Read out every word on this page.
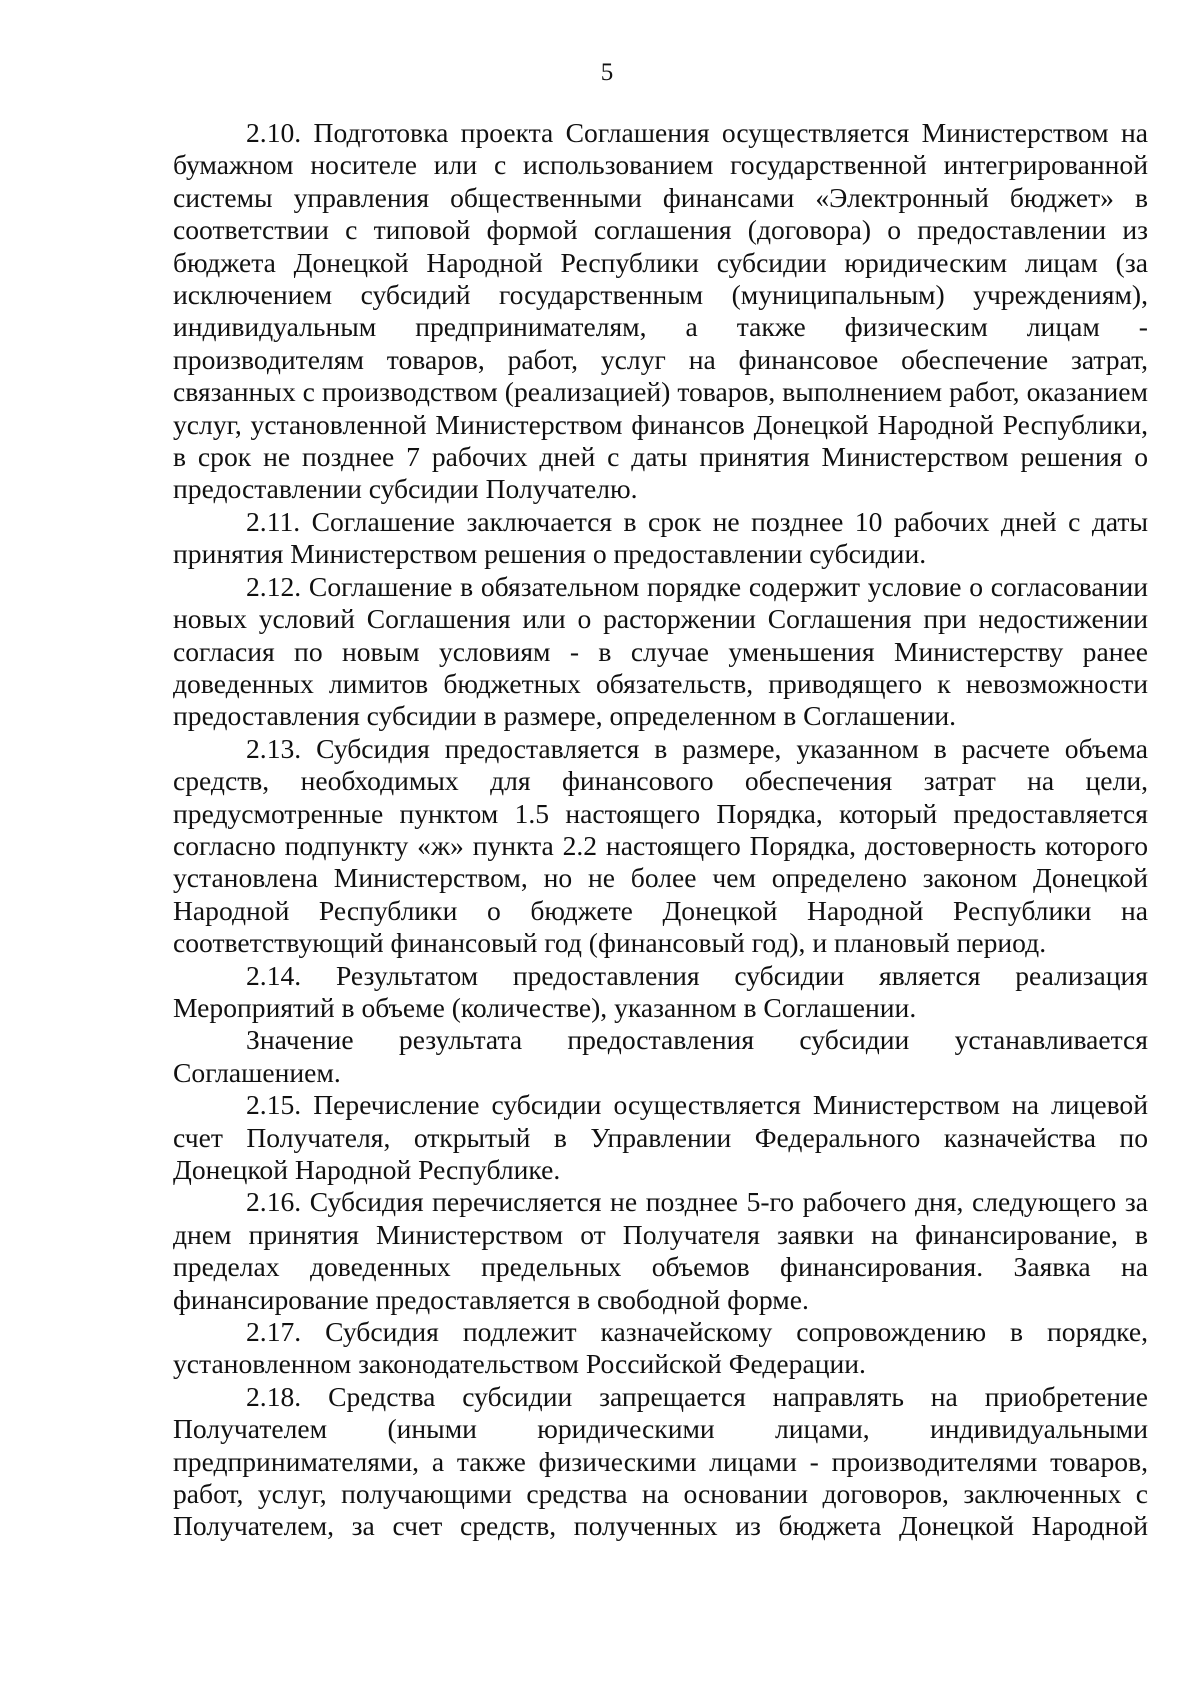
5

2.10. Подготовка проекта Соглашения осуществляется Министерством на бумажном носителе или с использованием государственной интегрированной системы управления общественными финансами «Электронный бюджет» в соответствии с типовой формой соглашения (договора) о предоставлении из бюджета Донецкой Народной Республики субсидии юридическим лицам (за исключением субсидий государственным (муниципальным) учреждениям), индивидуальным предпринимателям, а также физическим лицам - производителям товаров, работ, услуг на финансовое обеспечение затрат, связанных с производством (реализацией) товаров, выполнением работ, оказанием услуг, установленной Министерством финансов Донецкой Народной Республики, в срок не позднее 7 рабочих дней с даты принятия Министерством решения о предоставлении субсидии Получателю.

2.11. Соглашение заключается в срок не позднее 10 рабочих дней с даты принятия Министерством решения о предоставлении субсидии.

2.12. Соглашение в обязательном порядке содержит условие о согласовании новых условий Соглашения или о расторжении Соглашения при недостижении согласия по новым условиям - в случае уменьшения Министерству ранее доведенных лимитов бюджетных обязательств, приводящего к невозможности предоставления субсидии в размере, определенном в Соглашении.

2.13. Субсидия предоставляется в размере, указанном в расчете объема средств, необходимых для финансового обеспечения затрат на цели, предусмотренные пунктом 1.5 настоящего Порядка, который предоставляется согласно подпункту «ж» пункта 2.2 настоящего Порядка, достоверность которого установлена Министерством, но не более чем определено законом Донецкой Народной Республики о бюджете Донецкой Народной Республики на соответствующий финансовый год (финансовый год), и плановый период.

2.14. Результатом предоставления субсидии является реализация Мероприятий в объеме (количестве), указанном в Соглашении.

Значение результата предоставления субсидии устанавливается Соглашением.

2.15. Перечисление субсидии осуществляется Министерством на лицевой счет Получателя, открытый в Управлении Федерального казначейства по Донецкой Народной Республике.

2.16. Субсидия перечисляется не позднее 5-го рабочего дня, следующего за днем принятия Министерством от Получателя заявки на финансирование, в пределах доведенных предельных объемов финансирования. Заявка на финансирование предоставляется в свободной форме.

2.17. Субсидия подлежит казначейскому сопровождению в порядке, установленном законодательством Российской Федерации.

2.18. Средства субсидии запрещается направлять на приобретение Получателем (иными юридическими лицами, индивидуальными предпринимателями, а также физическими лицами - производителями товаров, работ, услуг, получающими средства на основании договоров, заключенных с Получателем, за счет средств, полученных из бюджета Донецкой Народной
